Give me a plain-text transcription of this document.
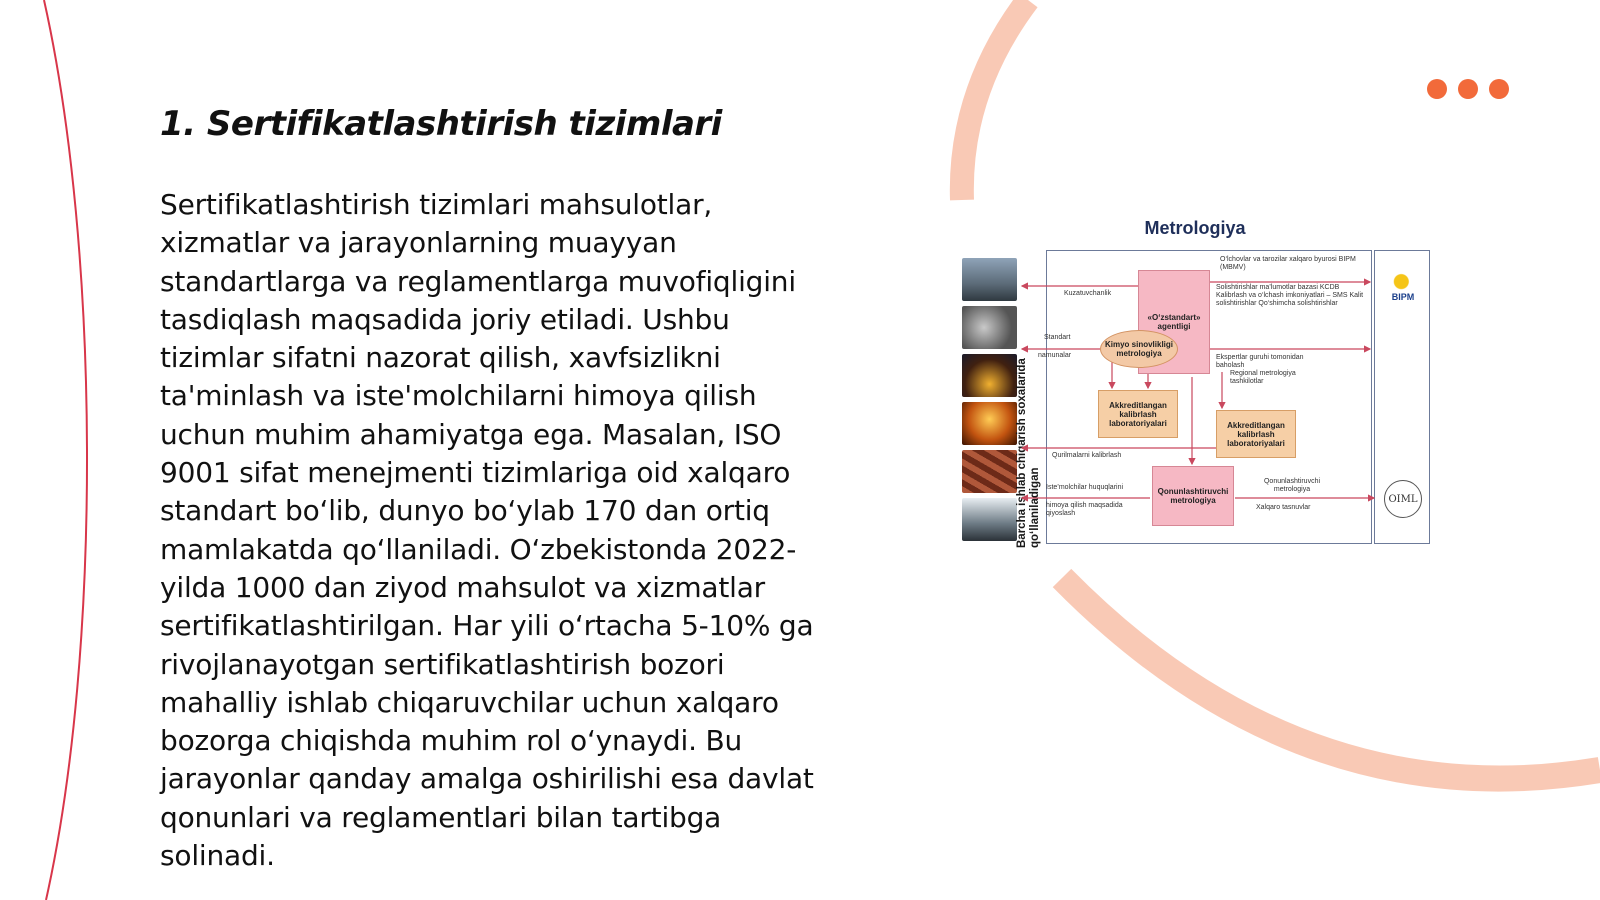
1. Sertifikatlashtirish tizimlari

Sertifikatlashtirish tizimlari mahsulotlar, xizmatlar va jarayonlarning muayyan standartlarga va reglamentlarga muvofiqligini tasdiqlash maqsadida joriy etiladi. Ushbu tizimlar sifatni nazorat qilish, xavfsizlikni ta'minlash va iste'molchilarni himoya qilish uchun muhim ahamiyatga ega. Masalan, ISO 9001 sifat menejmenti tizimlariga oid xalqaro standart bo‘lib, dunyo bo‘ylab 170 dan ortiq mamlakatda qo‘llaniladi. O‘zbekistonda 2022-yilda 1000 dan ziyod mahsulot va xizmatlar sertifikatlashtirilgan. Har yili o‘rtacha 5-10% ga rivojlanayotgan sertifikatlashtirish bozori mahalliy ishlab chiqaruvchilar uchun xalqaro bozorga chiqishda muhim rol o‘ynaydi. Bu jarayonlar qanday amalga oshirilishi esa davlat qonunlari va reglamentlari bilan tartibga solinadi.

Metrologiya
Barcha ishlab chiqarish soxalarida qo‘llaniladigan
«O‘zstandart» agentligi
Kimyo sinovlikligi metrologiya
Akkreditlangan kalibrlash laboratoriyalari	Akkreditlangan kalibrlash laboratoriyalari
Qonunlashtiruvchi metrologiya
O‘lchovlar va tarozilar xalqaro byurosi BIPM (MBMV)
Solishtirishlar ma’lumotlar bazasi KCDB Kalibrlash va o‘lchash imkoniyatlari – SMS Kalit solishtirishlar Qo‘shimcha solishtirishlar
Kuzatuvchanlik
Standart
namunalar	Ekspertlar guruhi tomonidan baholash
Regional metrologiya tashkilotlar
Qurilmalarni kalibrlash
Iste’molchilar huquqlarini
himoya qilish maqsadida qiyoslash
Qonunlashtiruvchi metrologiya
Xalqaro tasnuvlar
BIPM
OIML
